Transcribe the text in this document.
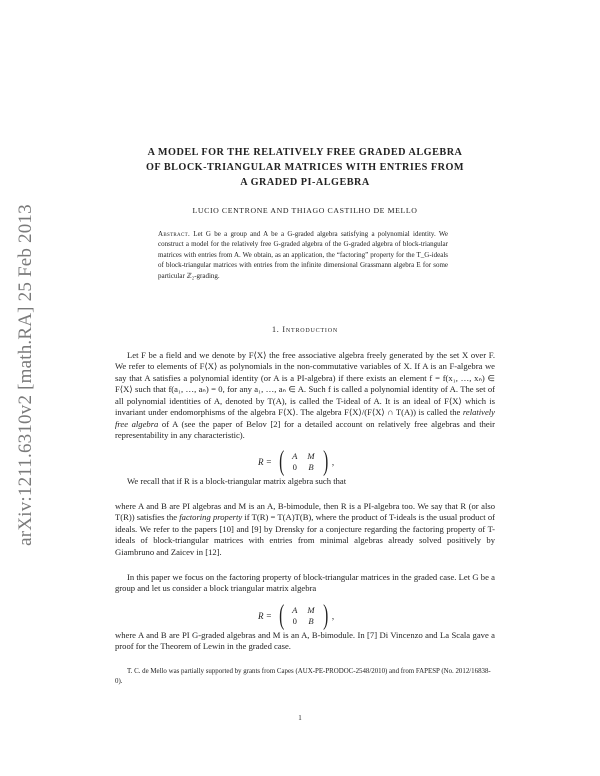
arXiv:1211.6310v2 [math.RA] 25 Feb 2013
A MODEL FOR THE RELATIVELY FREE GRADED ALGEBRA
OF BLOCK-TRIANGULAR MATRICES WITH ENTRIES FROM
A GRADED PI-ALGEBRA
LUCIO CENTRONE AND THIAGO CASTILHO DE MELLO
Abstract. Let G be a group and A be a G-graded algebra satisfying a polynomial identity. We construct a model for the relatively free G-graded algebra of the G-graded algebra of block-triangular matrices with entries from A. We obtain, as an application, the “factoring” property for the T_G-ideals of block-triangular matrices with entries from the infinite dimensional Grassmann algebra E for some particular ℤ₂-grading.
1. Introduction

Let F be a field and we denote by F⟨X⟩ the free associative algebra freely generated by the set X over F. We refer to elements of F⟨X⟩ as polynomials in the non-commutative variables of X. If A is an F-algebra we say that A satisfies a polynomial identity (or A is a PI-algebra) if there exists an element f = f(x₁, …, xₙ) ∈ F⟨X⟩ such that f(a₁, …, aₙ) = 0, for any a₁, …, aₙ ∈ A. Such f is called a polynomial identity of A. The set of all polynomial identities of A, denoted by T(A), is called the T-ideal of A. It is an ideal of F⟨X⟩ which is invariant under endomorphisms of the algebra F⟨X⟩. The algebra F⟨X⟩/(F⟨X⟩ ∩ T(A)) is called the relatively free algebra of A (see the paper of Belov [2] for a detailed account on relatively free algebras and their representability in any characteristic).

We recall that if R is a block-triangular matrix algebra such that

R = ( A	M
0	B ) ,

where A and B are PI algebras and M is an A, B-bimodule, then R is a PI-algebra too. We say that R (or also T(R)) satisfies the factoring property if T(R) = T(A)T(B), where the product of T-ideals is the usual product of ideals. We refer to the papers [10] and [9] by Drensky for a conjecture regarding the factoring property of T-ideals of block-triangular matrices with entries from minimal algebras already solved positively by Giambruno and Zaicev in [12].

In this paper we focus on the factoring property of block-triangular matrices in the graded case. Let G be a group and let us consider a block triangular matrix algebra

R = ( A	M
0	B ) ,

where A and B are PI G-graded algebras and M is an A, B-bimodule. In [7] Di Vincenzo and La Scala gave a proof for the Theorem of Lewin in the graded case.

T. C. de Mello was partially supported by grants from Capes (AUX-PE-PRODOC-2548/2010) and from FAPESP (No. 2012/16838-0).

1
